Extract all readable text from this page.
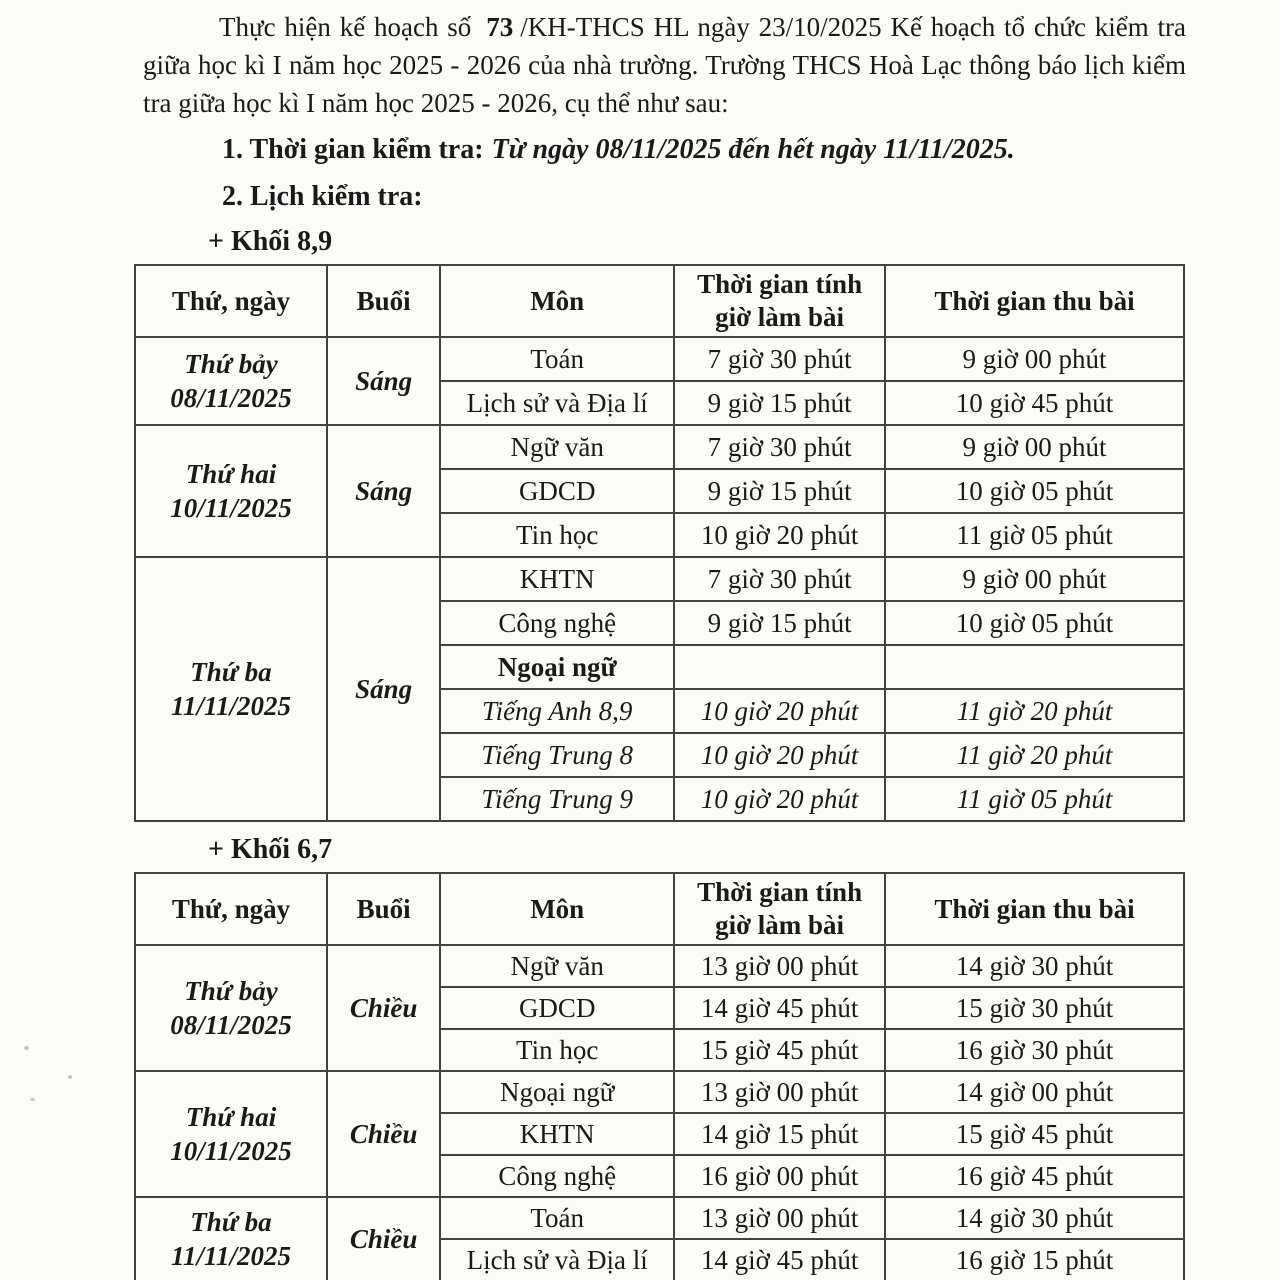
Thực hiện kế hoạch số 73 /KH-THCS HL ngày 23/10/2025 Kế hoạch tổ chức kiểm tra giữa học kì I năm học 2025 - 2026 của nhà trường. Trường THCS Hoà Lạc thông báo lịch kiểm tra giữa học kì I năm học 2025 - 2026, cụ thể như sau:

1. Thời gian kiểm tra: Từ ngày 08/11/2025 đến hết ngày 11/11/2025.

2. Lịch kiểm tra:

+ Khối 8,9

Thứ, ngày	Buổi	Môn	Thời gian tính giờ làm bài	Thời gian thu bài

Thứ bảy
08/11/2025	Sáng	Toán	7 giờ 30 phút	9 giờ 00 phút
		Lịch sử và Địa lí	9 giờ 15 phút	10 giờ 45 phút

Thứ hai
10/11/2025	Sáng	Ngữ văn	7 giờ 30 phút	9 giờ 00 phút
		GDCD	9 giờ 15 phút	10 giờ 05 phút
		Tin học	10 giờ 20 phút	11 giờ 05 phút

Thứ ba
11/11/2025	Sáng	KHTN	7 giờ 30 phút	9 giờ 00 phút
		Công nghệ	9 giờ 15 phút	10 giờ 05 phút
		Ngoại ngữ		
		Tiếng Anh 8,9	10 giờ 20 phút	11 giờ 20 phút
		Tiếng Trung 8	10 giờ 20 phút	11 giờ 20 phút
		Tiếng Trung 9	10 giờ 20 phút	11 giờ 05 phút

+ Khối 6,7

Thứ, ngày	Buổi	Môn	Thời gian tính giờ làm bài	Thời gian thu bài

Thứ bảy
08/11/2025	Chiều	Ngữ văn	13 giờ 00 phút	14 giờ 30 phút
		GDCD	14 giờ 45 phút	15 giờ 30 phút
		Tin học	15 giờ 45 phút	16 giờ 30 phút

Thứ hai
10/11/2025	Chiều	Ngoại ngữ	13 giờ 00 phút	14 giờ 00 phút
		KHTN	14 giờ 15 phút	15 giờ 45 phút
		Công nghệ	16 giờ 00 phút	16 giờ 45 phút

Thứ ba
11/11/2025	Chiều	Toán	13 giờ 00 phút	14 giờ 30 phút
		Lịch sử và Địa lí	14 giờ 45 phút	16 giờ 15 phút
